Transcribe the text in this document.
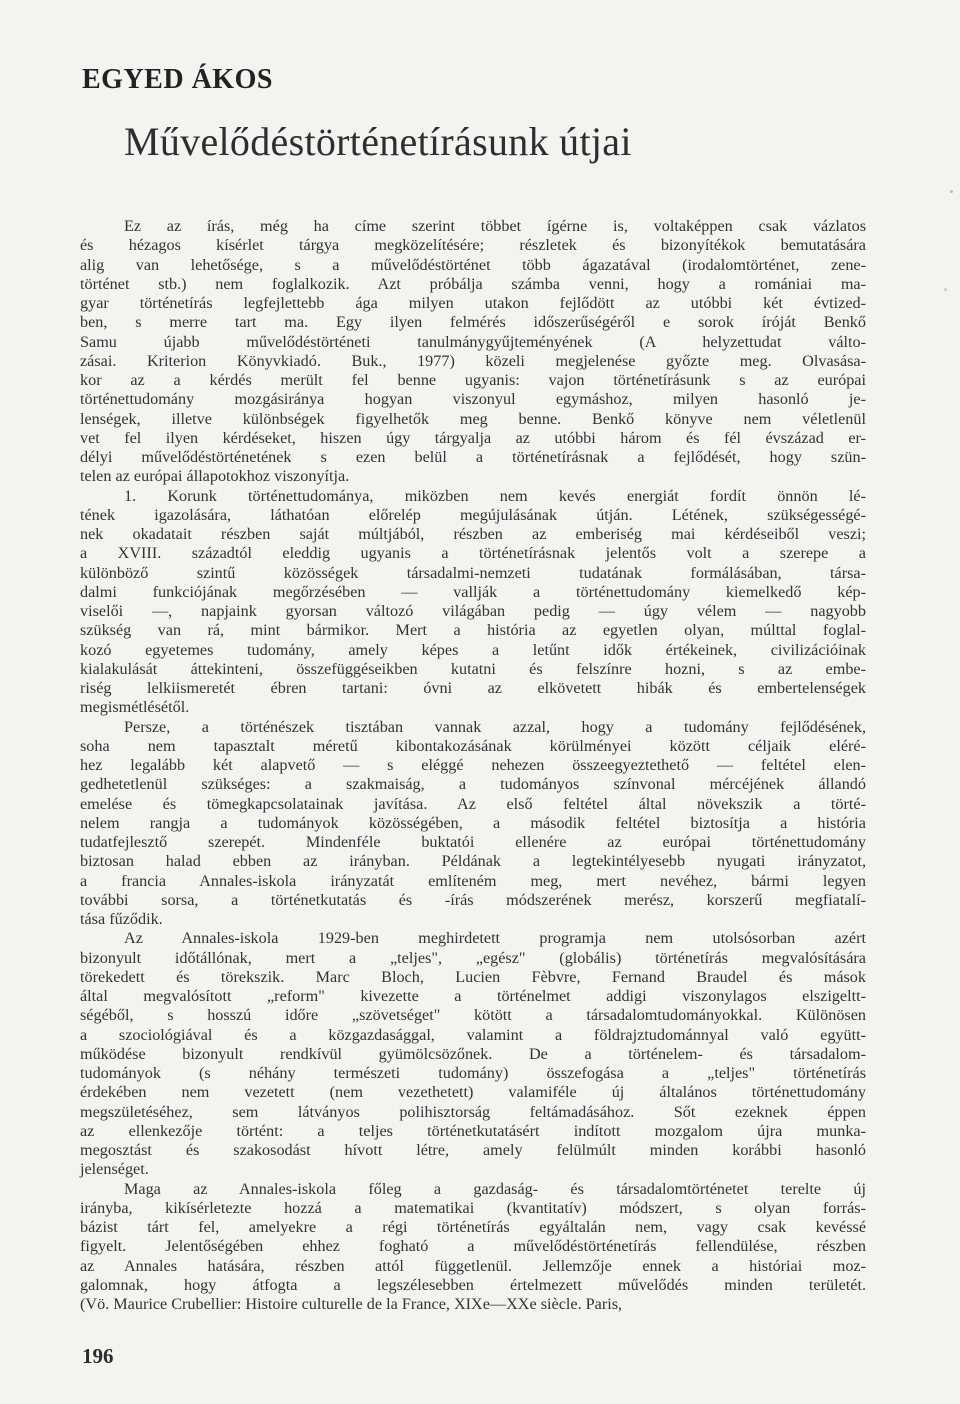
EGYED ÁKOS
Művelődéstörténetírásunk útjai

Ez az írás, még ha címe szerint többet ígérne is, voltaképpen csak vázlatos
és hézagos kísérlet tárgya megközelítésére; részletek és bizonyítékok bemutatására
alig van lehetősége, s a művelődéstörténet több ágazatával (irodalomtörténet, zene-
történet stb.) nem foglalkozik. Azt próbálja számba venni, hogy a romániai ma-
gyar történetírás legfejlettebb ága milyen utakon fejlődött az utóbbi két évtized-
ben, s merre tart ma. Egy ilyen felmérés időszerűségéről e sorok íróját Benkő
Samu újabb művelődéstörténeti tanulmánygyűjteményének (A helyzettudat válto-
zásai. Kriterion Könyvkiadó. Buk., 1977) közeli megjelenése győzte meg. Olvasása-
kor az a kérdés merült fel benne ugyanis: vajon történetírásunk s az európai
történettudomány mozgásiránya hogyan viszonyul egymáshoz, milyen hasonló je-
lenségek, illetve különbségek figyelhetők meg benne. Benkő könyve nem véletlenül
vet fel ilyen kérdéseket, hiszen úgy tárgyalja az utóbbi három és fél évszázad er-
délyi művelődéstörténetének s ezen belül a történetírásnak a fejlődését, hogy szün-
telen az európai állapotokhoz viszonyítja.

1. Korunk történettudománya, miközben nem kevés energiát fordít önnön lé-
tének igazolására, láthatóan előrelép megújulásának útján. Létének, szükségességé-
nek okadatait részben saját múltjából, részben az emberiség mai kérdéseiből veszi;
a XVIII. századtól eleddig ugyanis a történetírásnak jelentős volt a szerepe a
különböző szintű közösségek társadalmi-nemzeti tudatának formálásában, társa-
dalmi funkciójának megőrzésében — vallják a történettudomány kiemelkedő kép-
viselői —, napjaink gyorsan változó világában pedig — úgy vélem — nagyobb
szükség van rá, mint bármikor. Mert a história az egyetlen olyan, múlttal foglal-
kozó egyetemes tudomány, amely képes a letűnt idők értékeinek, civilizációinak
kialakulását áttekinteni, összefüggéseikben kutatni és felszínre hozni, s az embe-
riség lelkiismeretét ébren tartani: óvni az elkövetett hibák és embertelenségek
megismétlésétől.

Persze, a történészek tisztában vannak azzal, hogy a tudomány fejlődésének,
soha nem tapasztalt méretű kibontakozásának körülményei között céljaik eléré-
hez legalább két alapvető — s eléggé nehezen összeegyeztethető — feltétel elen-
gedhetetlenül szükséges: a szakmaiság, a tudományos színvonal mércéjének állandó
emelése és tömegkapcsolatainak javítása. Az első feltétel által növekszik a törté-
nelem rangja a tudományok közösségében, a második feltétel biztosítja a história
tudatfejlesztő szerepét. Mindenféle buktatói ellenére az európai történettudomány
biztosan halad ebben az irányban. Példának a legtekintélyesebb nyugati irányzatot,
a francia Annales-iskola irányzatát említeném meg, mert nevéhez, bármi legyen
további sorsa, a történetkutatás és -írás módszerének merész, korszerű megfiatalí-
tása fűződik.

Az Annales-iskola 1929-ben meghirdetett programja nem utolsósorban azért
bizonyult időtállónak, mert a „teljes", „egész" (globális) történetírás megvalósítására
törekedett és törekszik. Marc Bloch, Lucien Fèbvre, Fernand Braudel és mások
által megvalósított „reform" kivezette a történelmet addigi viszonylagos elszigeltt-
ségéből, s hosszú időre „szövetséget" kötött a társadalomtudományokkal. Különösen
a szociológiával és a közgazdasággal, valamint a földrajztudománnyal való együtt-
működése bizonyult rendkívül gyümölcsözőnek. De a történelem- és társadalom-
tudományok (s néhány természeti tudomány) összefogása a „teljes" történetírás
érdekében nem vezetett (nem vezethetett) valamiféle új általános történettudomány
megszületéséhez, sem látványos polihisztorság feltámadásához. Sőt ezeknek éppen
az ellenkezője történt: a teljes történetkutatásért indított mozgalom újra munka-
megosztást és szakosodást hívott létre, amely felülmúlt minden korábbi hasonló
jelenséget.

Maga az Annales-iskola főleg a gazdaság- és társadalomtörténetet terelte új
irányba, kikísérletezte hozzá a matematikai (kvantitatív) módszert, s olyan forrás-
bázist tárt fel, amelyekre a régi történetírás egyáltalán nem, vagy csak kevéssé
figyelt. Jelentőségében ehhez fogható a művelődéstörténetírás fellendülése, részben
az Annales hatására, részben attól függetlenül. Jellemzője ennek a históriai moz-
galomnak, hogy átfogta a legszélesebben értelmezett művelődés minden területét.
(Vö. Maurice Crubellier: Histoire culturelle de la France, XIXe—XXe siècle. Paris,

196
